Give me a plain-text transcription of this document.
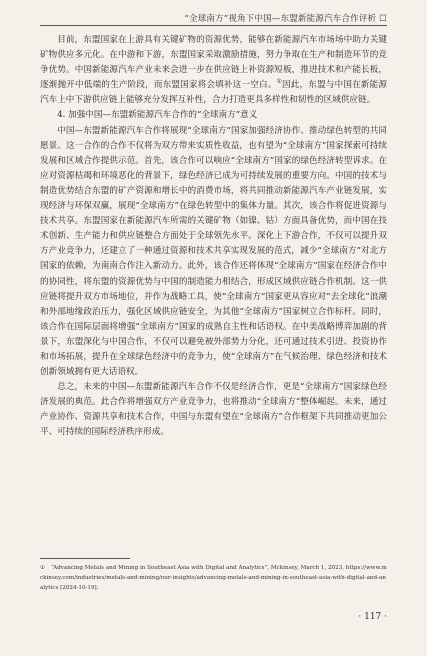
“全球南方”视角下中国—东盟新能源汽车合作评析 ☐

目前，东盟国家在上游具有关键矿物的资源优势，能够在新能源汽车市场场中助力关键矿物供应多元化。在中游和下游，东盟国家采取激励措施，努力争取在生产和制造环节的竞争优势。中国新能源汽车产业未来会进一步在供应链上补资源短板，推进技术和产能长板，逐渐抛开中低端的生产阶段，而东盟国家将会填补这一空白。①因此，东盟与中国在新能源汽车上中下游供应链上能够充分发挥互补性，合力打造更具多样性和韧性的区域供应链。

4. 加强中国—东盟新能源汽车合作的“全球南方”意义

中国—东盟新能源汽车合作将展现“全球南方”国家加强经济协作、推动绿色转型的共同愿景。这一合作的合作不仅将为双方带来实质性收益，也有望为“全球南方”国家探索可持续发展和区域合作提供示范。首先，该合作可以响应“全球南方”国家的绿色经济转型诉求。在应对资源枯竭和环境恶化的背景下，绿色经济已成为可持续发展的重要方向。中国的技术与制造优势结合东盟的矿产资源和增长中的消费市场，将共同推动新能源汽车产业链发展，实现经济与环保双赢，展现“全球南方”在绿色转型中的集体力量。其次，该合作将促进资源与技术共享。东盟国家在新能源汽车所需的关键矿物（如镍、钴）方面具备优势，而中国在技术创新、生产能力和供应链整合方面处于全球领先水平。深化上下游合作，不仅可以提升双方产业竞争力，还建立了一种通过资源和技术共享实现发展的范式，减少“全球南方”对北方国家的依赖，为南南合作注入新动力。此外，该合作还将体现“全球南方”国家在经济合作中的协同性，将东盟的资源优势与中国的制造能力相结合，形成区域供应链合作机制。这一供应链将提升双方市场地位，并作为战略工具，使“全球南方”国家更从容应对“去全球化”浪潮和外部地缘政治压力，强化区域供应链安全，为其他“全球南方”国家树立合作标杆。同时，该合作在国际层面将增强“全球南方”国家的成熟自主性和话语权。在中美战略博弈加剧的背景下，东盟深化与中国合作，不仅可以避免被外部势力分化，还可通过技术引进、投资协作和市场拓展，提升在全球绿色经济中的竞争力，使“全球南方”在气候治理、绿色经济和技术创新领域拥有更大话语权。

总之，未来的中国—东盟新能源汽车合作不仅是经济合作，更是“全球南方”国家绿色经济发展的典范。此合作将增强双方产业竞争力，也将推动“全球南方”整体崛起。未来，通过产业协作、资源共享和技术合作，中国与东盟有望在“全球南方”合作框架下共同推动更加公平、可持续的国际经济秩序形成。

① “Advancing Metals and Mining in Southeast Asia with Digital and Analytics”, Mckinsey, March 1, 2023, https://www.mckinsey.com/industries/metals-and-mining/our-insights/advancing-metals-and-mining-in-southeast-asia-with-digital-and-analytics [2024-10-19].
· 117 ·
